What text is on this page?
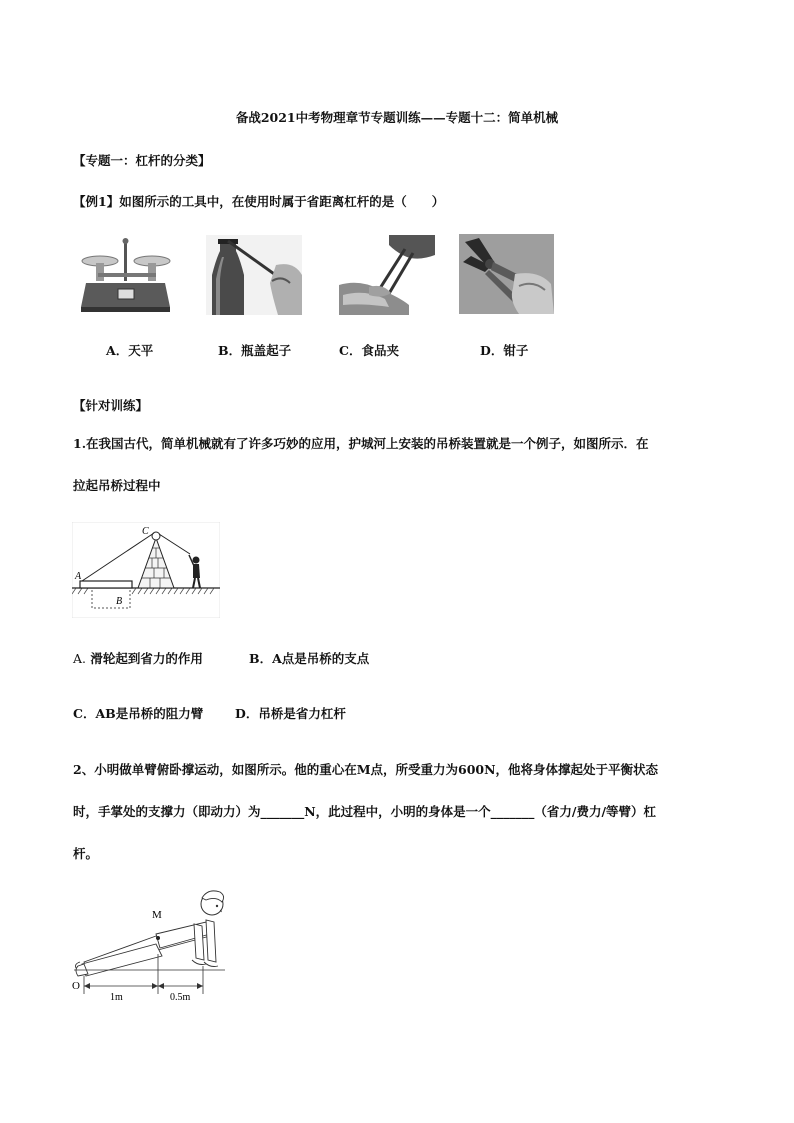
备战2021中考物理章节专题训练——专题十二：简单机械
【专题一：杠杆的分类】
【例1】如图所示的工具中，在使用时属于省距离杠杆的是（　　）
A．天平	B．瓶盖起子	C．食品夹	D．钳子
【针对训练】
1.在我国古代，简单机械就有了许多巧妙的应用，护城河上安装的吊桥装置就是一个例子，如图所示．在
拉起吊桥过程中
A
B
C
A. 滑轮起到省力的作用	B．A点是吊桥的支点
C．AB是吊桥的阻力臂	D．吊桥是省力杠杆
2、小明做单臂俯卧撑运动，如图所示。他的重心在M点，所受重力为600N，他将身体撑起处于平衡状态
时，手掌处的支撑力（即动力）为_______N，此过程中，小明的身体是一个_______（省力/费力/等臂）杠
杆。
M
O
1m	0.5m
